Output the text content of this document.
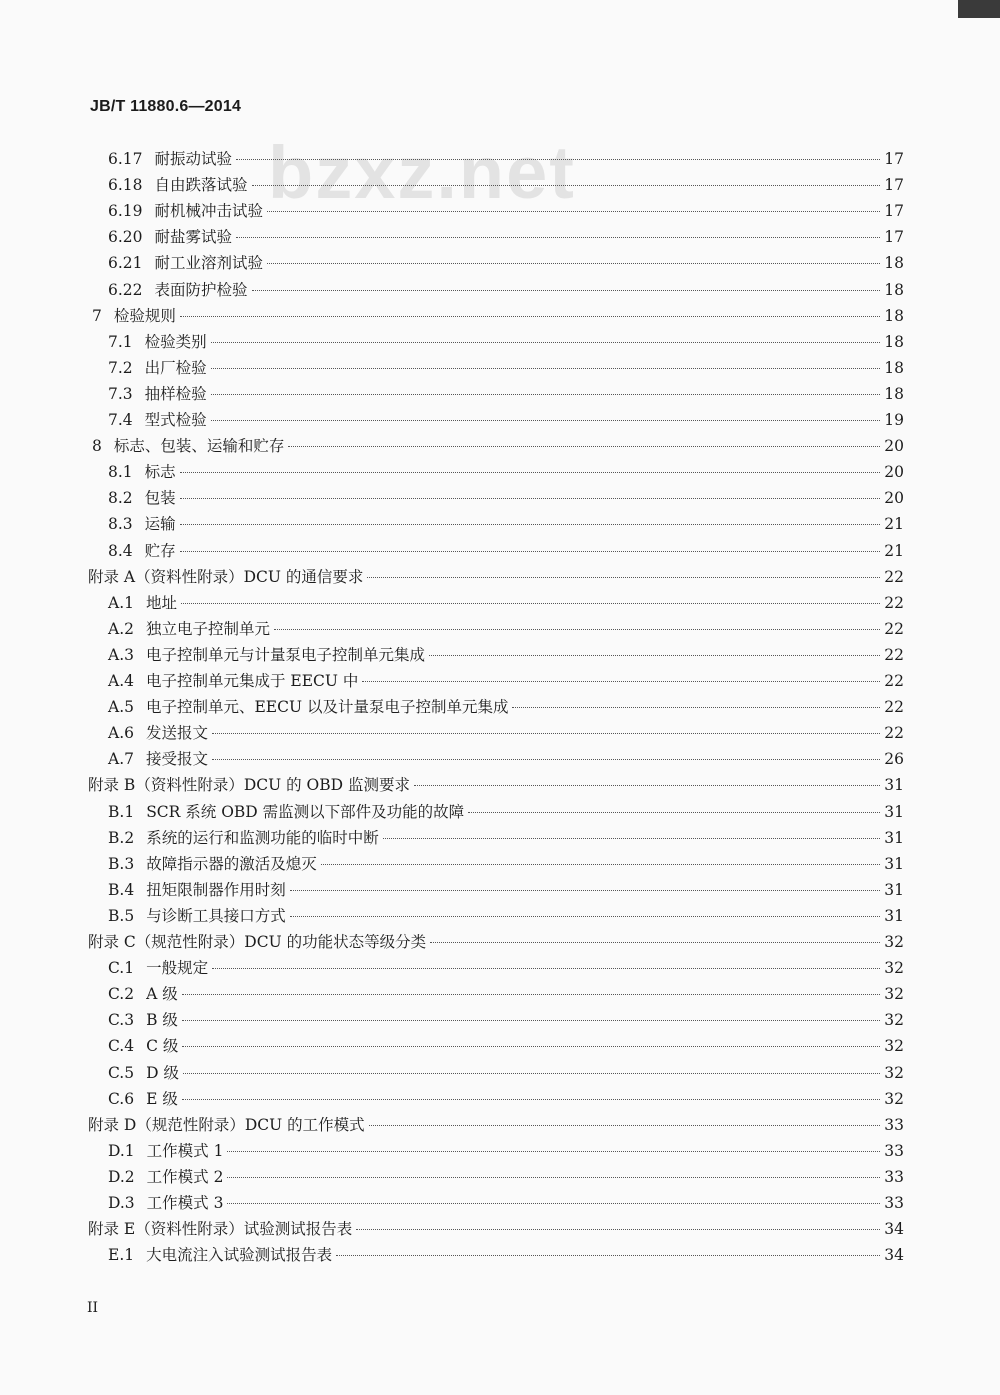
JB/T 11880.6—2014
bzxz.net
6.17 耐振动试验	17
6.18 自由跌落试验	17
6.19 耐机械冲击试验	17
6.20 耐盐雾试验	17
6.21 耐工业溶剂试验	18
6.22 表面防护检验	18
7 检验规则	18
7.1 检验类别	18
7.2 出厂检验	18
7.3 抽样检验	18
7.4 型式检验	19
8 标志、包装、运输和贮存	20
8.1 标志	20
8.2 包装	20
8.3 运输	21
8.4 贮存	21
附录 A （资料性附录）DCU 的通信要求	22
A.1 地址	22
A.2 独立电子控制单元	22
A.3 电子控制单元与计量泵电子控制单元集成	22
A.4 电子控制单元集成于 EECU 中	22
A.5 电子控制单元、EECU 以及计量泵电子控制单元集成	22
A.6 发送报文	22
A.7 接受报文	26
附录 B （资料性附录）DCU 的 OBD 监测要求	31
B.1 SCR 系统 OBD 需监测以下部件及功能的故障	31
B.2 系统的运行和监测功能的临时中断	31
B.3 故障指示器的激活及熄灭	31
B.4 扭矩限制器作用时刻	31
B.5 与诊断工具接口方式	31
附录 C （规范性附录）DCU 的功能状态等级分类	32
C.1 一般规定	32
C.2 A 级	32
C.3 B 级	32
C.4 C 级	32
C.5 D 级	32
C.6 E 级	32
附录 D （规范性附录）DCU 的工作模式	33
D.1 工作模式 1	33
D.2 工作模式 2	33
D.3 工作模式 3	33
附录 E （资料性附录）试验测试报告表	34
E.1 大电流注入试验测试报告表	34
II
